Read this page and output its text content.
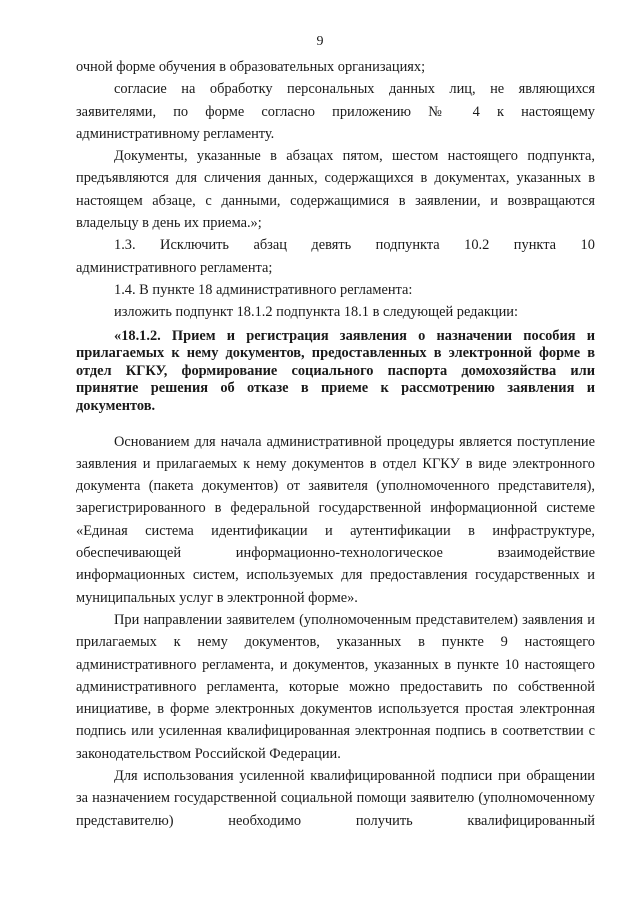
9

очной форме обучения в образовательных организациях;

согласие на обработку персональных данных лиц, не являющихся заявителями, по форме согласно приложению № 4 к настоящему административному регламенту.

Документы, указанные в абзацах пятом, шестом настоящего подпункта, предъявляются для сличения данных, содержащихся в документах, указанных в настоящем абзаце, с данными, содержащимися в заявлении, и возвращаются владельцу в день их приема.»;

1.3. Исключить абзац девять подпункта 10.2 пункта 10

административного регламента;

1.4. В пункте 18 административного регламента:

изложить подпункт 18.1.2 подпункта 18.1 в следующей редакции:

«18.1.2. Прием и регистрация заявления о назначении пособия и прилагаемых к нему документов, предоставленных в электронной форме в отдел КГКУ, формирование социального паспорта домохозяйства или принятие решения об отказе в приеме к рассмотрению заявления и документов.

Основанием для начала административной процедуры является поступление заявления и прилагаемых к нему документов в отдел КГКУ в виде электронного документа (пакета документов) от заявителя (уполномоченного представителя), зарегистрированного в федеральной государственной информационной системе «Единая система идентификации и аутентификации в инфраструктуре, обеспечивающей информационно-технологическое взаимодействие информационных систем, используемых для предоставления государственных и муниципальных услуг в электронной форме».

При направлении заявителем (уполномоченным представителем) заявления и прилагаемых к нему документов, указанных в пункте 9 настоящего административного регламента, и документов, указанных в пункте 10 настоящего административного регламента, которые можно предоставить по собственной инициативе, в форме электронных документов используется простая электронная подпись или усиленная квалифицированная электронная подпись в соответствии с законодательством Российской Федерации.

Для использования усиленной квалифицированной подписи при обращении за назначением государственной социальной помощи заявителю (уполномоченному представителю) необходимо получить квалифицированный
